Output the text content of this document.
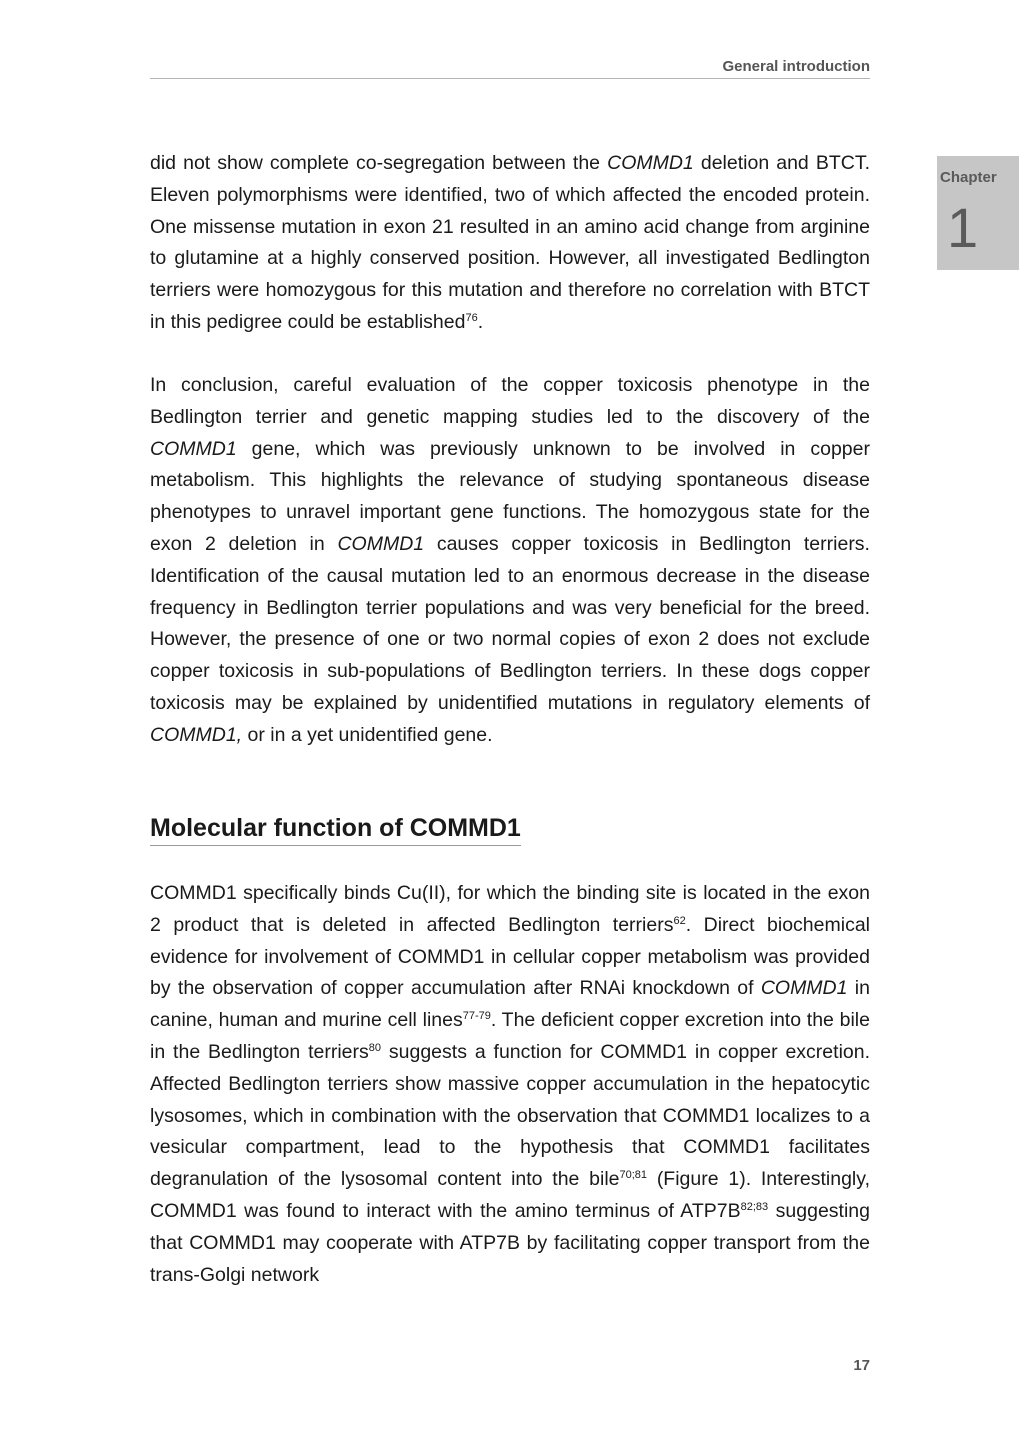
General introduction
Chapter
1

did not show complete co-segregation between the COMMD1 deletion and BTCT. Eleven polymorphisms were identified, two of which affected the encoded protein. One missense mutation in exon 21 resulted in an amino acid change from arginine to glutamine at a highly conserved position. However, all investigated Bedlington terriers were homozygous for this mutation and therefore no correlation with BTCT in this pedigree could be established$^{76}$.

In conclusion, careful evaluation of the copper toxicosis phenotype in the Bedlington terrier and genetic mapping studies led to the discovery of the COMMD1 gene, which was previously unknown to be involved in copper metabolism. This highlights the relevance of studying spontaneous disease phenotypes to unravel important gene functions. The homozygous state for the exon 2 deletion in COMMD1 causes copper toxicosis in Bedlington terriers. Identification of the causal mutation led to an enormous decrease in the disease frequency in Bedlington terrier populations and was very beneficial for the breed. However, the presence of one or two normal copies of exon 2 does not exclude copper toxicosis in sub-populations of Bedlington terriers. In these dogs copper toxicosis may be explained by unidentified mutations in regulatory elements of COMMD1, or in a yet unidentified gene.

Molecular function of COMMD1

COMMD1 specifically binds Cu(II), for which the binding site is located in the exon 2 product that is deleted in affected Bedlington terriers$^{62}$. Direct biochemical evidence for involvement of COMMD1 in cellular copper metabolism was provided by the observation of copper accumulation after RNAi knockdown of COMMD1 in canine, human and murine cell lines$^{77-79}$. The deficient copper excretion into the bile in the Bedlington terriers$^{80}$ suggests a function for COMMD1 in copper excretion. Affected Bedlington terriers show massive copper accumulation in the hepatocytic lysosomes, which in combination with the observation that COMMD1 localizes to a vesicular compartment, lead to the hypothesis that COMMD1 facilitates degranulation of the lysosomal content into the bile$^{70;81}$ (Figure 1). Interestingly, COMMD1 was found to interact with the amino terminus of $ATP7B^{82;83}$ suggesting that COMMD1 may cooperate with ATP7B by facilitating copper transport from the trans-Golgi network

17
